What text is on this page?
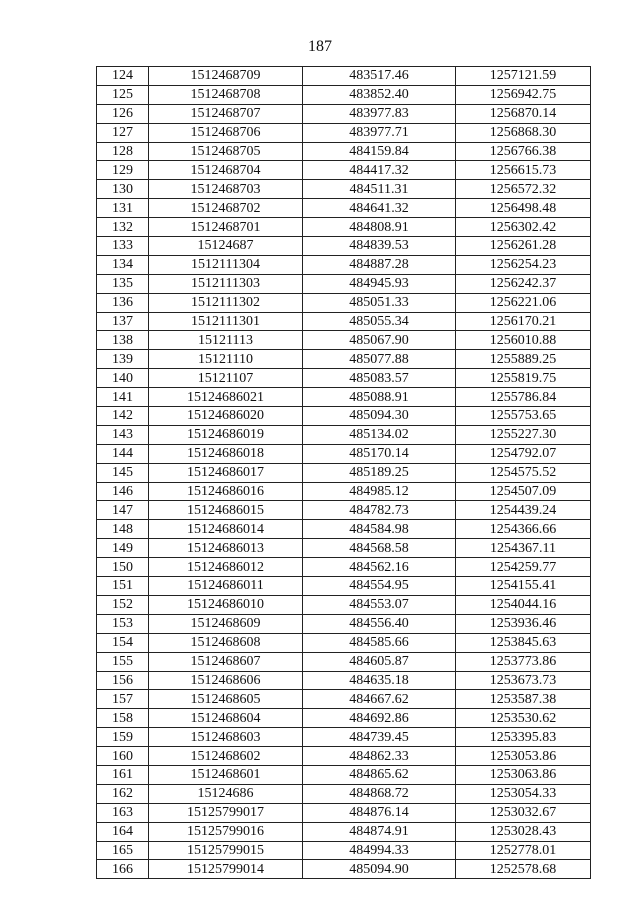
187
124	1512468709	483517.46	1257121.59
125	1512468708	483852.40	1256942.75
126	1512468707	483977.83	1256870.14
127	1512468706	483977.71	1256868.30
128	1512468705	484159.84	1256766.38
129	1512468704	484417.32	1256615.73
130	1512468703	484511.31	1256572.32
131	1512468702	484641.32	1256498.48
132	1512468701	484808.91	1256302.42
133	15124687	484839.53	1256261.28
134	1512111304	484887.28	1256254.23
135	1512111303	484945.93	1256242.37
136	1512111302	485051.33	1256221.06
137	1512111301	485055.34	1256170.21
138	15121113	485067.90	1256010.88
139	15121110	485077.88	1255889.25
140	15121107	485083.57	1255819.75
141	15124686021	485088.91	1255786.84
142	15124686020	485094.30	1255753.65
143	15124686019	485134.02	1255227.30
144	15124686018	485170.14	1254792.07
145	15124686017	485189.25	1254575.52
146	15124686016	484985.12	1254507.09
147	15124686015	484782.73	1254439.24
148	15124686014	484584.98	1254366.66
149	15124686013	484568.58	1254367.11
150	15124686012	484562.16	1254259.77
151	15124686011	484554.95	1254155.41
152	15124686010	484553.07	1254044.16
153	1512468609	484556.40	1253936.46
154	1512468608	484585.66	1253845.63
155	1512468607	484605.87	1253773.86
156	1512468606	484635.18	1253673.73
157	1512468605	484667.62	1253587.38
158	1512468604	484692.86	1253530.62
159	1512468603	484739.45	1253395.83
160	1512468602	484862.33	1253053.86
161	1512468601	484865.62	1253063.86
162	15124686	484868.72	1253054.33
163	15125799017	484876.14	1253032.67
164	15125799016	484874.91	1253028.43
165	15125799015	484994.33	1252778.01
166	15125799014	485094.90	1252578.68
